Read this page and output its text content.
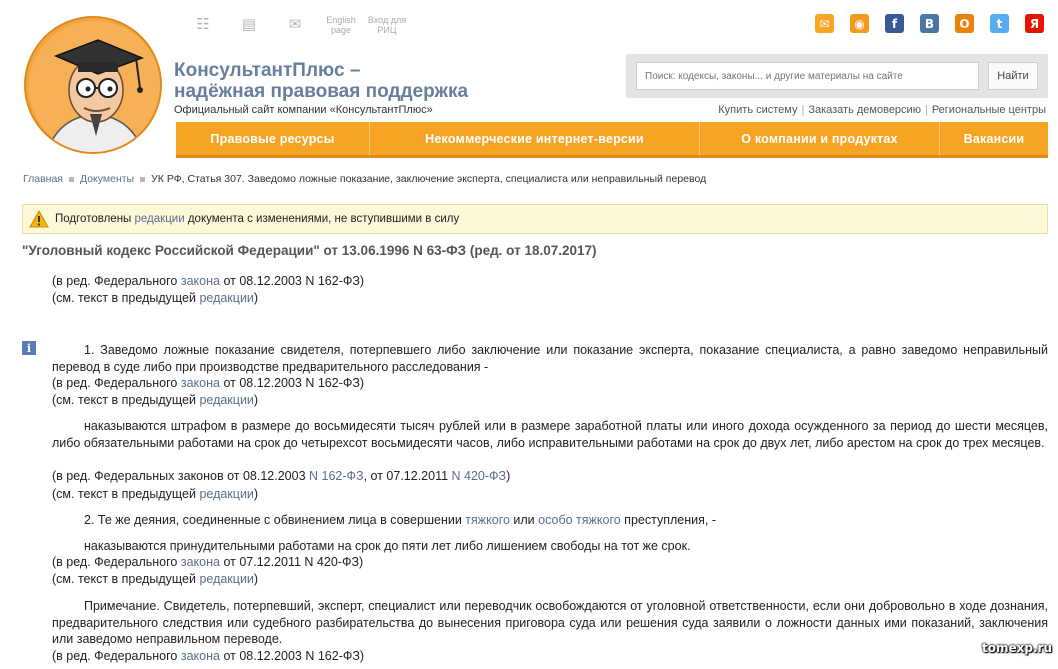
КонсультантПлюс –
надёжная правовая поддержка
Официальный сайт компании «КонсультантПлюс»
☷ ▤ ✉	English page
Вход для РИЦ	✉	◉	f	В	О	t	Я
Поиск: кодексы, законы... и другие материалы на сайте
Найти
Купить систему | Заказать демоверсию | Региональные центры
Правовые ресурсы	Некоммерческие интернет-версии	О компании и продуктах	Вакансии
Главная Документы УК РФ, Статья 307. Заведомо ложные показание, заключение эксперта, специалиста или неправильный перевод
Подготовлены редакции документа с изменениями, не вступившими в силу
"Уголовный кодекс Российской Федерации" от 13.06.1996 N 63-ФЗ (ред. от 18.07.2017)
(в ред. Федерального закона от 08.12.2003 N 162-ФЗ)
(см. текст в предыдущей редакции)
i	1. Заведомо ложные показание свидетеля, потерпевшего либо заключение или показание эксперта, показание специалиста, а равно заведомо неправильный перевод в суде либо при производстве предварительного расследования -
(в ред. Федерального закона от 08.12.2003 N 162-ФЗ)
(см. текст в предыдущей редакции)
наказываются штрафом в размере до восьмидесяти тысяч рублей или в размере заработной платы или иного дохода осужденного за период до шести месяцев, либо обязательными работами на срок до четырехсот восьмидесяти часов, либо исправительными работами на срок до двух лет, либо арестом на срок до трех месяцев.
(в ред. Федеральных законов от 08.12.2003 N 162-ФЗ, от 07.12.2011 N 420-ФЗ)
(см. текст в предыдущей редакции)
2. Те же деяния, соединенные с обвинением лица в совершении тяжкого или особо тяжкого преступления, -
наказываются принудительными работами на срок до пяти лет либо лишением свободы на тот же срок.
(в ред. Федерального закона от 07.12.2011 N 420-ФЗ)
(см. текст в предыдущей редакции)
Примечание. Свидетель, потерпевший, эксперт, специалист или переводчик освобождаются от уголовной ответственности, если они добровольно в ходе дознания, предварительного следствия или судебного разбирательства до вынесения приговора суда или решения суда заявили о ложности данных ими показаний, заключения или заведомо неправильном переводе.
(в ред. Федерального закона от 08.12.2003 N 162-ФЗ)
tomexp.ru
